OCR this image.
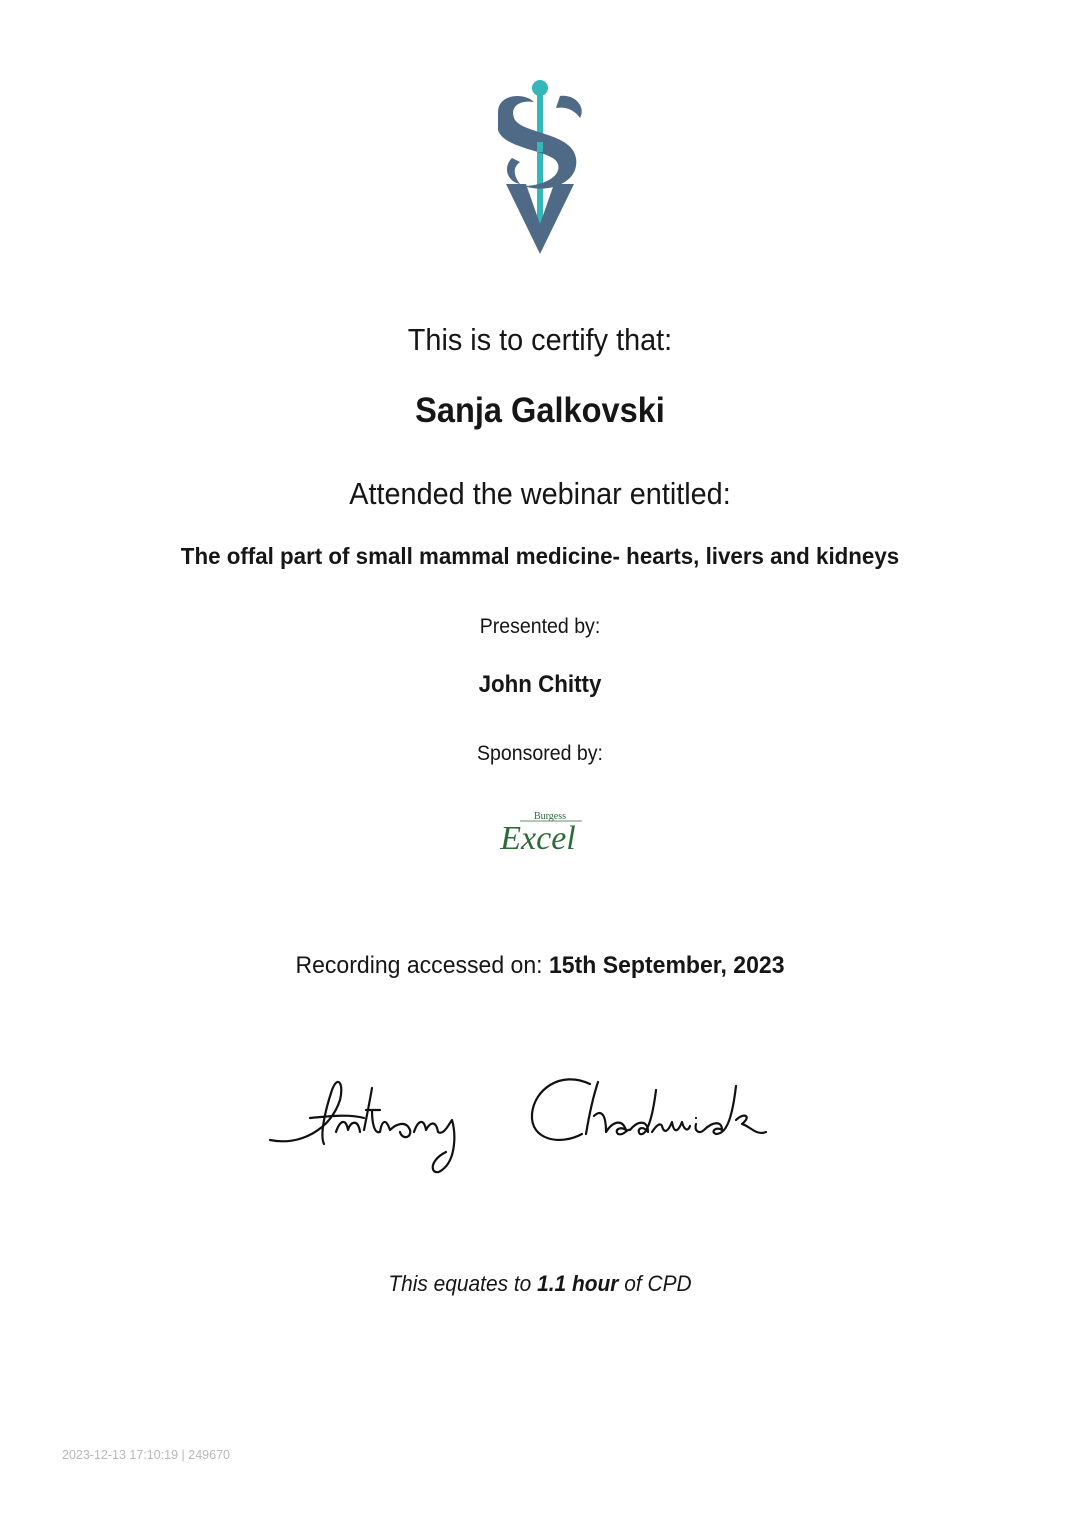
This is to certify that:
Sanja Galkovski
Attended the webinar entitled:
The offal part of small mammal medicine- hearts, livers and kidneys
Presented by:
John Chitty
Sponsored by:
Burgess
Excel
Recording accessed on: 15th September, 2023
This equates to 1.1 hour of CPD
2023-12-13 17:10:19 | 249670
